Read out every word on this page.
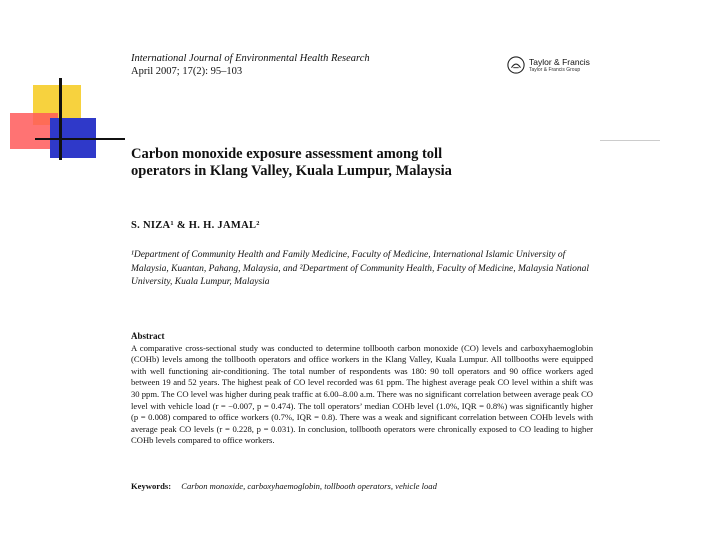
International Journal of Environmental Health Research
April 2007; 17(2): 95–103
Taylor & Francis
Taylor & Francis Group
Carbon monoxide exposure assessment among toll
operators in Klang Valley, Kuala Lumpur, Malaysia
S. NIZA¹ & H. H. JAMAL²
¹Department of Community Health and Family Medicine, Faculty of Medicine, International Islamic University of Malaysia, Kuantan, Pahang, Malaysia, and ²Department of Community Health, Faculty of Medicine, Malaysia National University, Kuala Lumpur, Malaysia
Abstract
A comparative cross-sectional study was conducted to determine tollbooth carbon monoxide (CO) levels and carboxyhaemoglobin (COHb) levels among the tollbooth operators and office workers in the Klang Valley, Kuala Lumpur. All tollbooths were equipped with well functioning air-conditioning. The total number of respondents was 180: 90 toll operators and 90 office workers aged between 19 and 52 years. The highest peak of CO level recorded was 61 ppm. The highest average peak CO level within a shift was 30 ppm. The CO level was higher during peak traffic at 6.00–8.00 a.m. There was no significant correlation between average peak CO level with vehicle load (r = −0.007, p = 0.474). The toll operators’ median COHb level (1.0%, IQR = 0.8%) was significantly higher (p = 0.008) compared to office workers (0.7%, IQR = 0.8). There was a weak and significant correlation between COHb levels with average peak CO levels (r = 0.228, p = 0.031). In conclusion, tollbooth operators were chronically exposed to CO leading to higher COHb levels compared to office workers.
Keywords: Carbon monoxide, carboxyhaemoglobin, tollbooth operators, vehicle load
